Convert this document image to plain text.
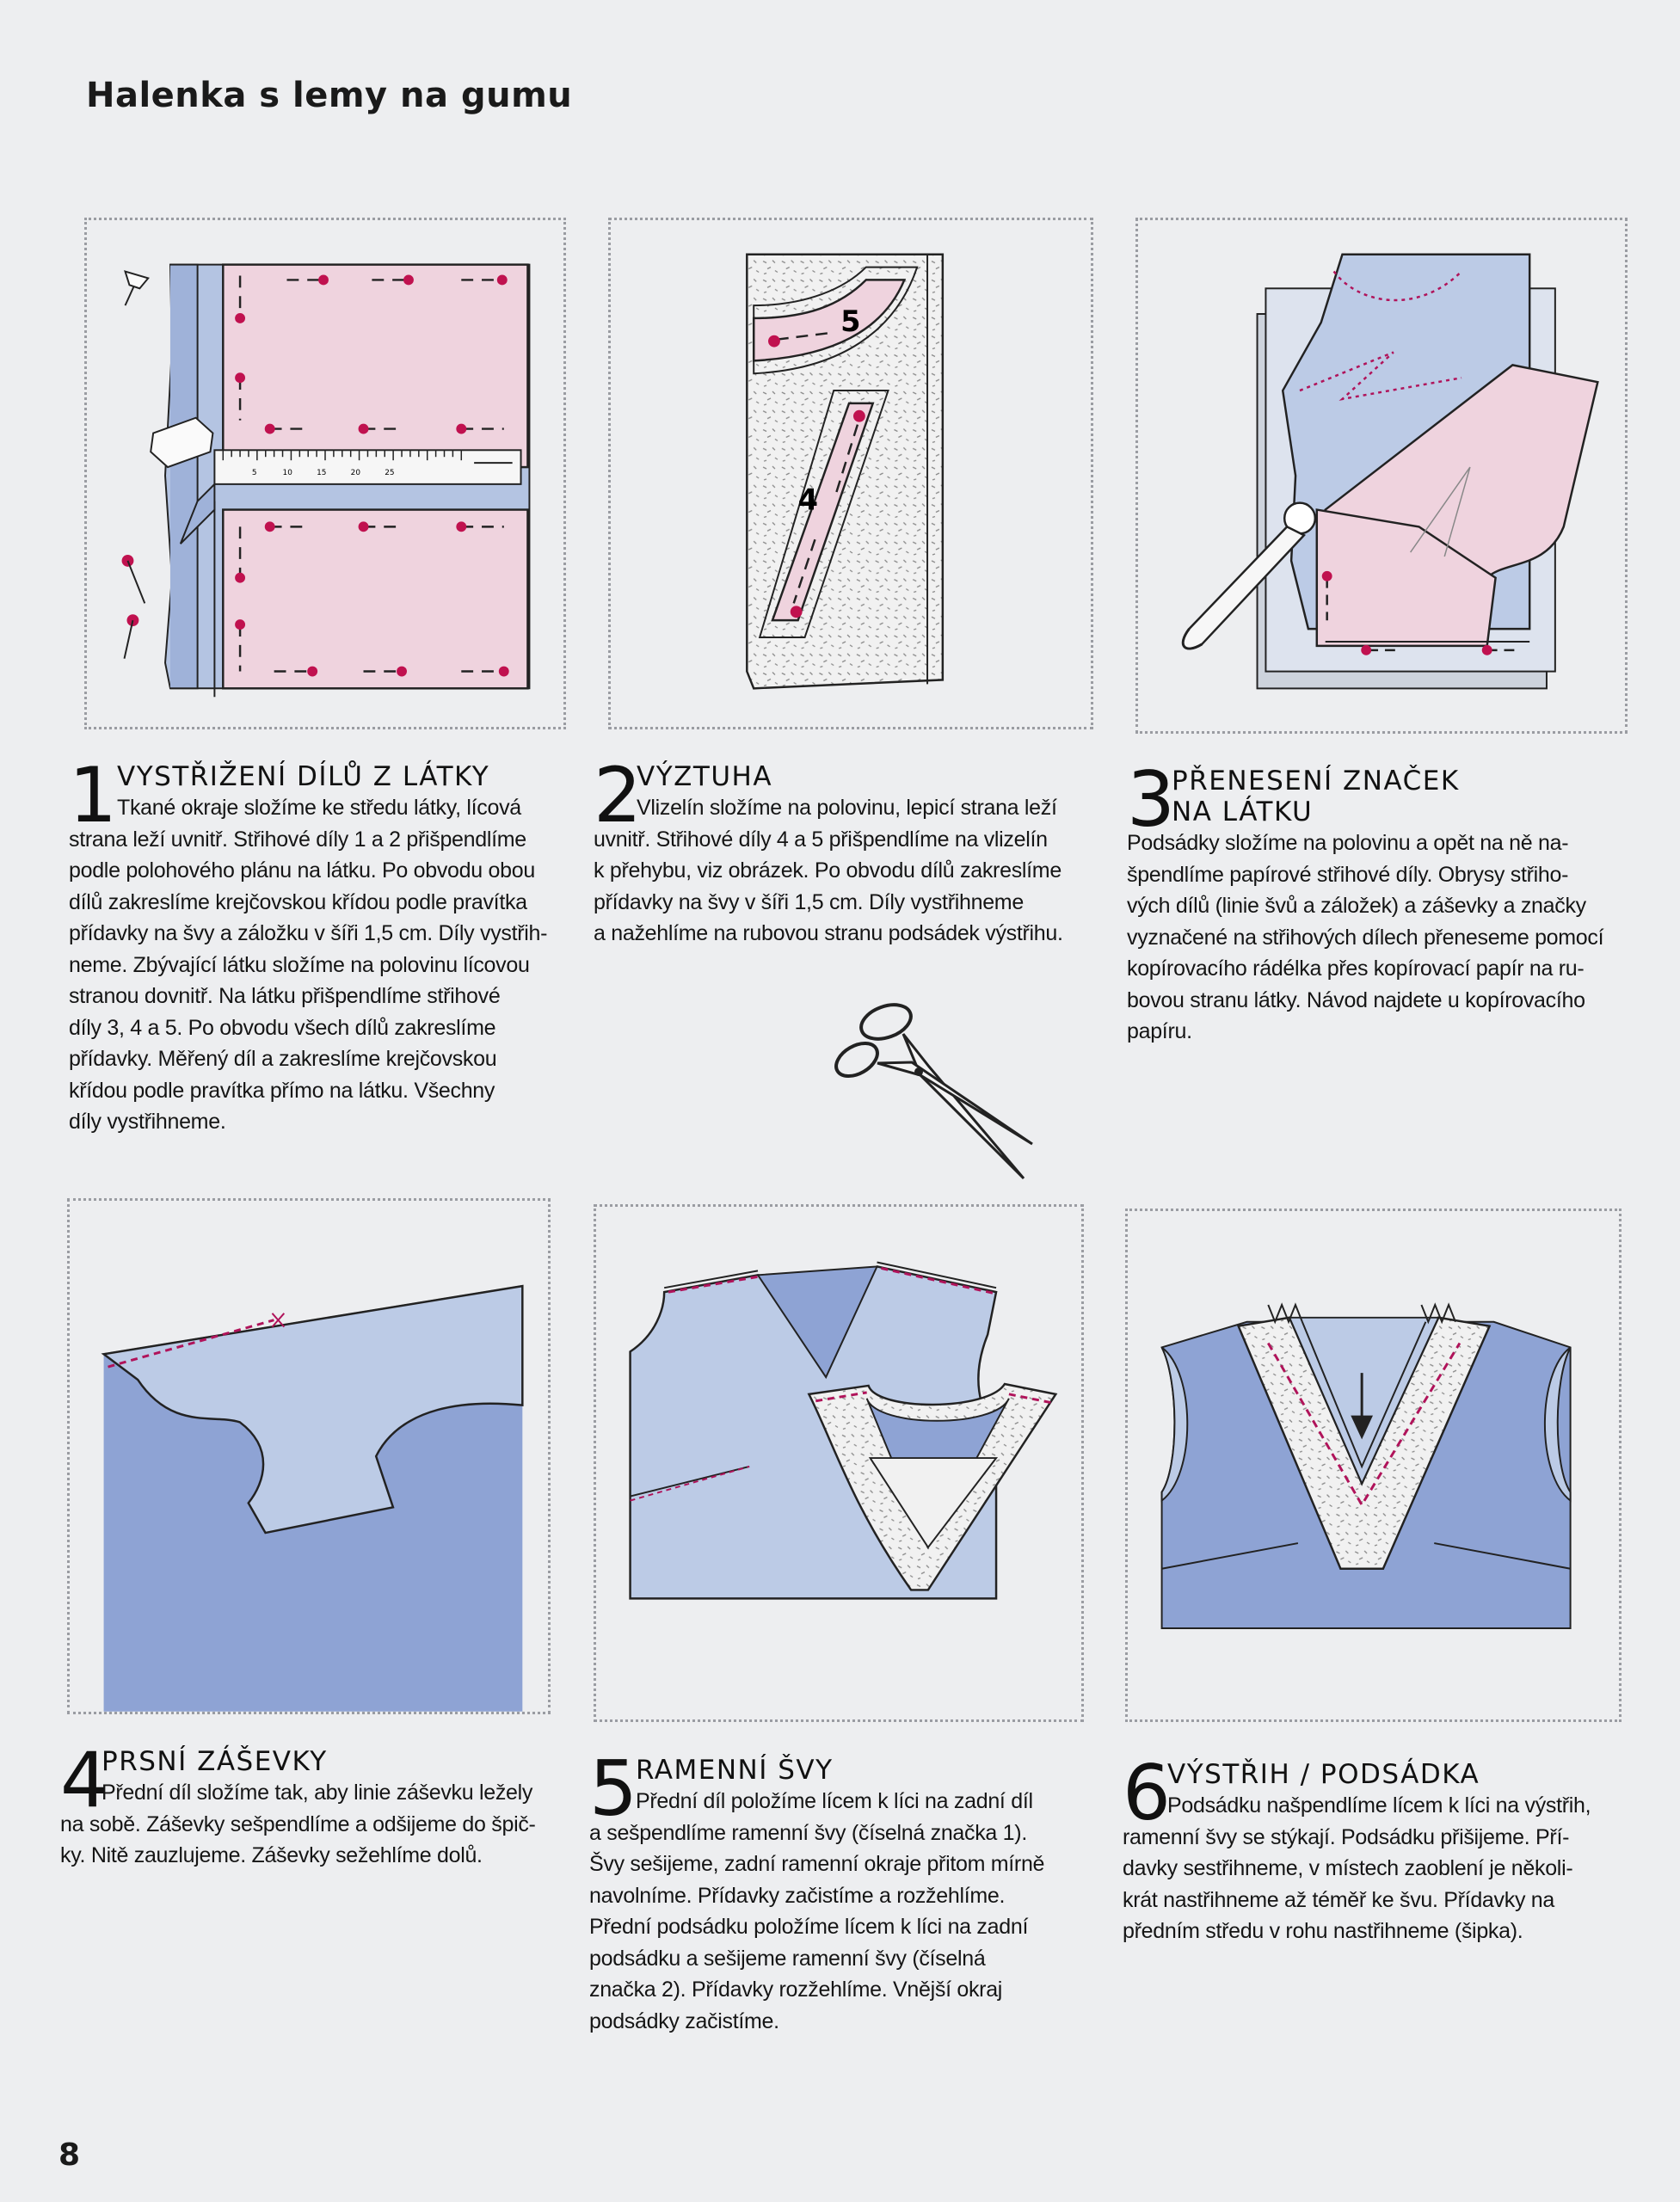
Halenka s lemy na gumu
5	10	15	20	25
5
4
1 VYSTŘIŽENÍ DÍLŮ Z LÁTKY
Tkané okraje složíme ke středu látky, lícová
strana leží uvnitř. Střihové díly 1 a 2 přišpendlíme
podle polohového plánu na látku. Po obvodu obou
dílů zakreslíme krejčovskou křídou podle pravítka
přídavky na švy a záložku v šíři 1,5 cm. Díly vystřih-
neme. Zbývající látku složíme na polovinu lícovou
stranou dovnitř. Na látku přišpendlíme střihové
díly 3, 4 a 5. Po obvodu všech dílů zakreslíme
přídavky. Měřený díl a zakreslíme krejčovskou
křídou podle pravítka přímo na látku. Všechny
díly vystřihneme.
2
VÝZTUHA
Vlizelín složíme na polovinu, lepicí strana leží
uvnitř. Střihové díly 4 a 5 přišpendlíme na vlizelín
k přehybu, viz obrázek. Po obvodu dílů zakreslíme
přídavky na švy v šíři 1,5 cm. Díly vystřihneme
a nažehlíme na rubovou stranu podsádek výstřihu.
3
PŘENESENÍ ZNAČEK
NA LÁTKU
Podsádky složíme na polovinu a opět na ně na-
špendlíme papírové střihové díly. Obrysy střiho-
vých dílů (linie švů a záložek) a záševky a značky
vyznačené na střihových dílech přeneseme pomocí
kopírovacího rádélka přes kopírovací papír na ru-
bovou stranu látky. Návod najdete u kopírovacího
papíru.
4
PRSNÍ ZÁŠEVKY
Přední díl složíme tak, aby linie záševku ležely
na sobě. Záševky sešpendlíme a odšijeme do špič-
ky. Nitě zauzlujeme. Záševky sežehlíme dolů.
5
RAMENNÍ ŠVY
Přední díl položíme lícem k líci na zadní díl
a sešpendlíme ramenní švy (číselná značka 1).
Švy sešijeme, zadní ramenní okraje přitom mírně
navolníme. Přídavky začistíme a rozžehlíme.
Přední podsádku položíme lícem k líci na zadní
podsádku a sešijeme ramenní švy (číselná
značka 2). Přídavky rozžehlíme. Vnější okraj
podsádky začistíme.
6
VÝSTŘIH / PODSÁDKA
Podsádku našpendlíme lícem k líci na výstřih,
ramenní švy se stýkají. Podsádku přišijeme. Pří-
davky sestřihneme, v místech zaoblení je několi-
krát nastřihneme až téměř ke švu. Přídavky na
předním středu v rohu nastřihneme (šipka).
8
